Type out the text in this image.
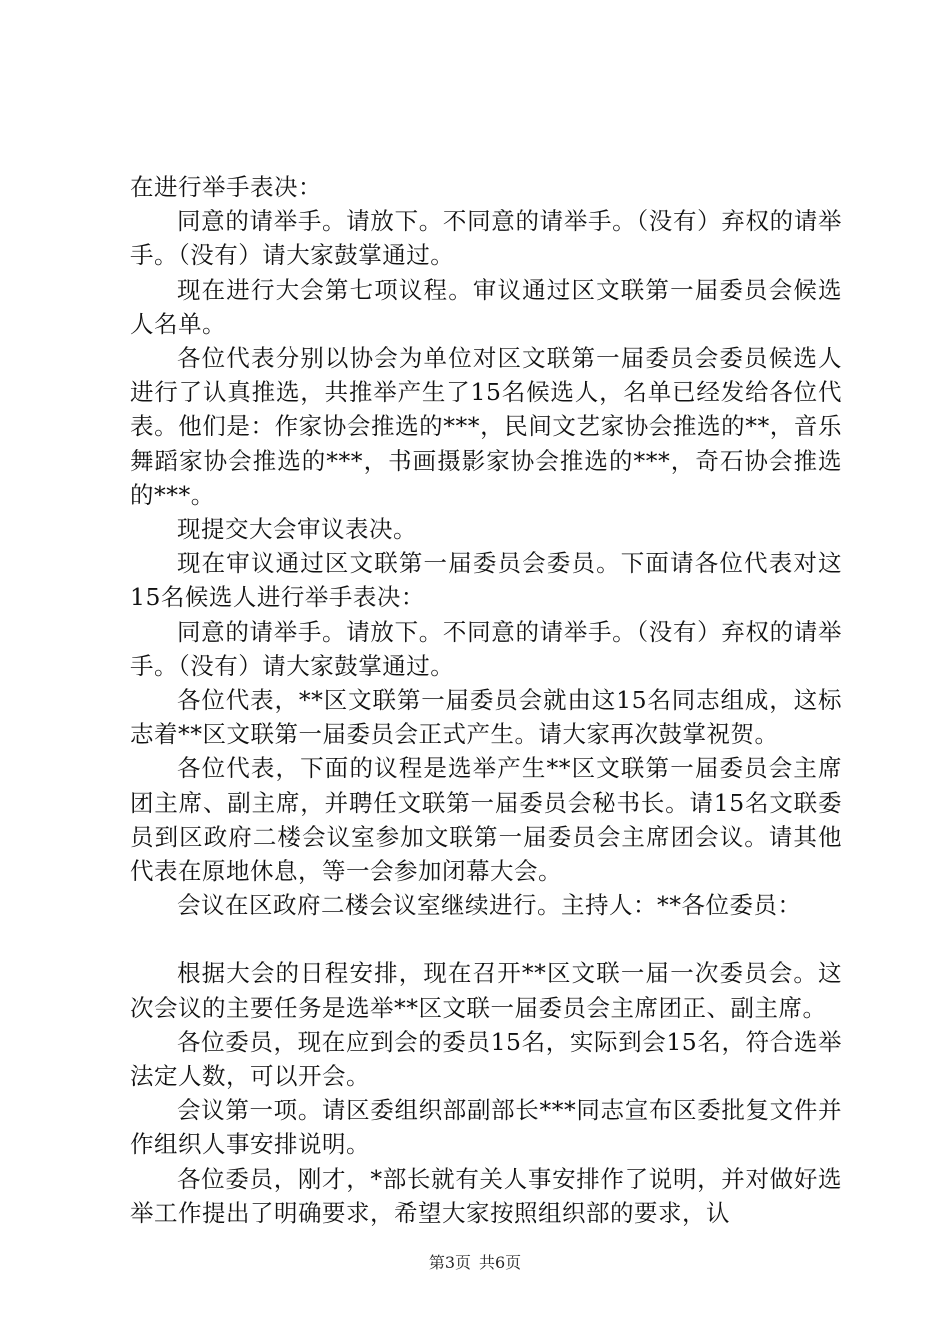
在进行举手表决：

同意的请举手。请放下。不同意的请举手。（没有）弃权的请举手。（没有）请大家鼓掌通过。

现在进行大会第七项议程。审议通过区文联第一届委员会候选人名单。

各位代表分别以协会为单位对区文联第一届委员会委员候选人进行了认真推选，共推举产生了15名候选人，名单已经发给各位代表。他们是：作家协会推选的***，民间文艺家协会推选的**，音乐舞蹈家协会推选的***，书画摄影家协会推选的***，奇石协会推选的***。

现提交大会审议表决。

现在审议通过区文联第一届委员会委员。下面请各位代表对这15名候选人进行举手表决：

同意的请举手。请放下。不同意的请举手。（没有）弃权的请举手。（没有）请大家鼓掌通过。

各位代表，**区文联第一届委员会就由这15名同志组成，这标志着**区文联第一届委员会正式产生。请大家再次鼓掌祝贺。

各位代表，下面的议程是选举产生**区文联第一届委员会主席团主席、副主席，并聘任文联第一届委员会秘书长。请15名文联委员到区政府二楼会议室参加文联第一届委员会主席团会议。请其他代表在原地休息，等一会参加闭幕大会。

会议在区政府二楼会议室继续进行。主持人：**各位委员：

根据大会的日程安排，现在召开**区文联一届一次委员会。这次会议的主要任务是选举**区文联一届委员会主席团正、副主席。

各位委员，现在应到会的委员15名，实际到会15名，符合选举法定人数，可以开会。

会议第一项。请区委组织部副部长***同志宣布区委批复文件并作组织人事安排说明。

各位委员，刚才，*部长就有关人事安排作了说明，并对做好选举工作提出了明确要求，希望大家按照组织部的要求，认

第3页 共6页
